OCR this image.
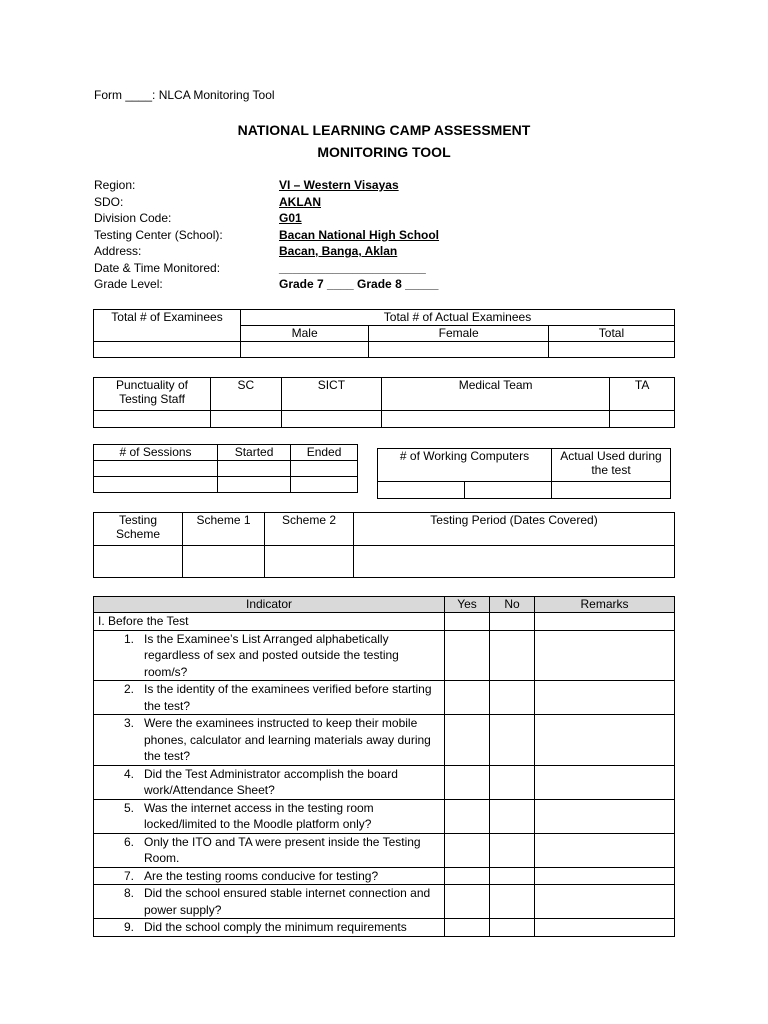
Form ____: NLCA Monitoring Tool
NATIONAL LEARNING CAMP ASSESSMENT
MONITORING TOOL
Region:	VI – Western Visayas
SDO:	AKLAN
Division Code:	G01
Testing Center (School):	Bacan National High School
Address:	Bacan, Banga, Aklan
Date & Time Monitored:	______________________
Grade Level:	Grade 7 ____ Grade 8 _____
Total # of Examinees	Total # of Actual Examinees		
	Male	Female	Total

Punctuality of Testing Staff	SC	SICT	Medical Team	TA

# of Sessions	Started	Ended

			# of Working Computers		Actual Used during the test

Testing Scheme	Scheme 1	Scheme 2	Testing Period (Dates Covered)

Indicator	Yes	No	Remarks
I. Before the Test			
1. Is the Examinee’s List Arranged alphabetically regardless of sex and posted outside the testing room/s?			
2. Is the identity of the examinees verified before starting the test?			
3. Were the examinees instructed to keep their mobile phones, calculator and learning materials away during the test?			
4. Did the Test Administrator accomplish the board work/Attendance Sheet?			
5. Was the internet access in the testing room locked/limited to the Moodle platform only?			
6. Only the ITO and TA were present inside the Testing Room.			
7. Are the testing rooms conducive for testing?			
8. Did the school ensured stable internet connection and power supply?			
9. Did the school comply the minimum requirements			
